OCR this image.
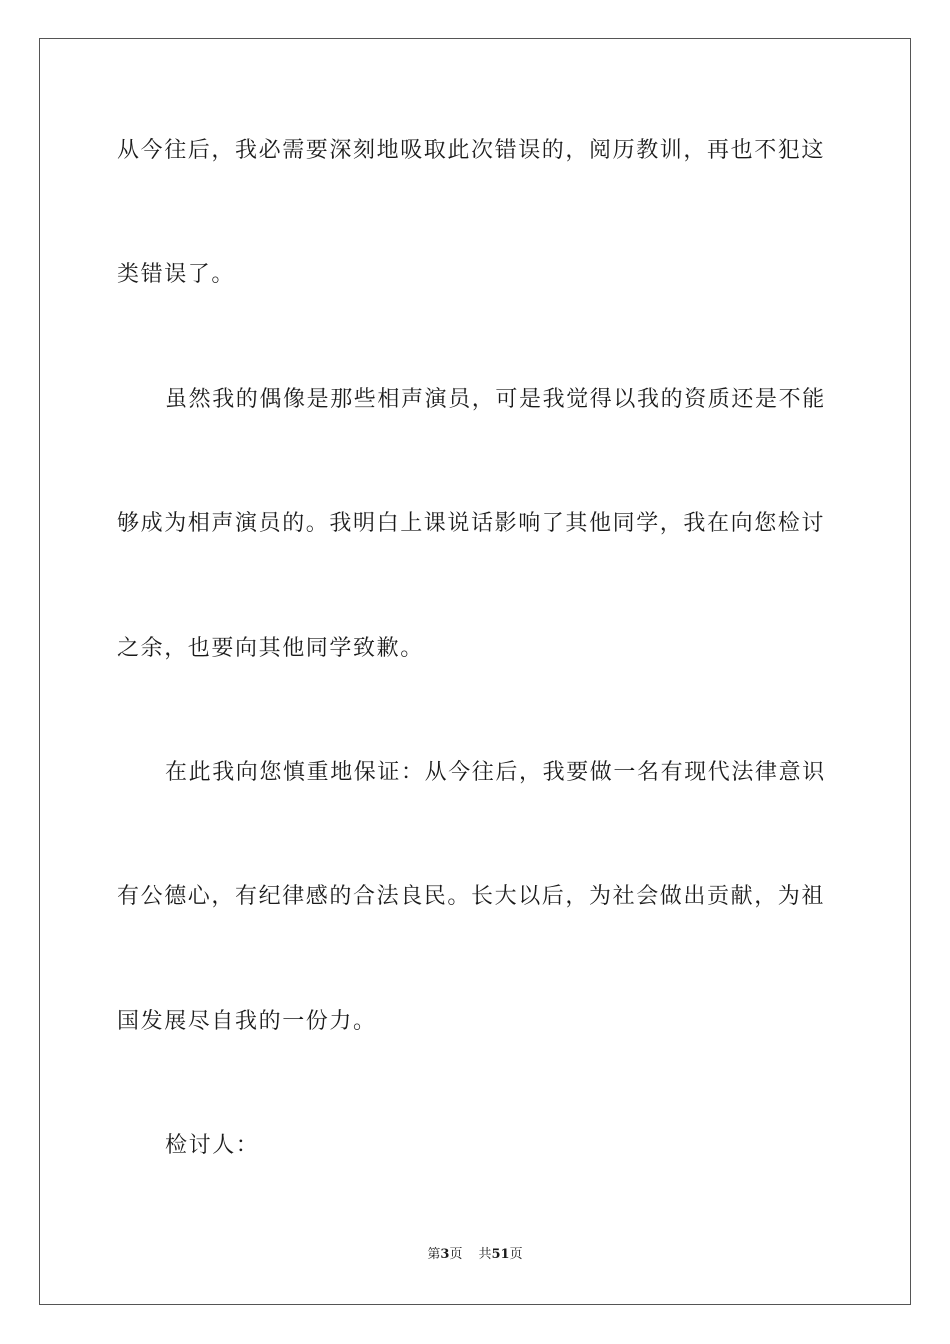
从今往后，我必需要深刻地吸取此次错误的，阅历教训，再也不犯这
类错误了。
虽然我的偶像是那些相声演员，可是我觉得以我的资质还是不能
够成为相声演员的。我明白上课说话影响了其他同学，我在向您检讨
之余，也要向其他同学致歉。
在此我向您慎重地保证：从今往后，我要做一名有现代法律意识
有公德心，有纪律感的合法良民。长大以后，为社会做出贡献，为祖
国发展尽自我的一份力。
检讨人：
第3页 共51页
